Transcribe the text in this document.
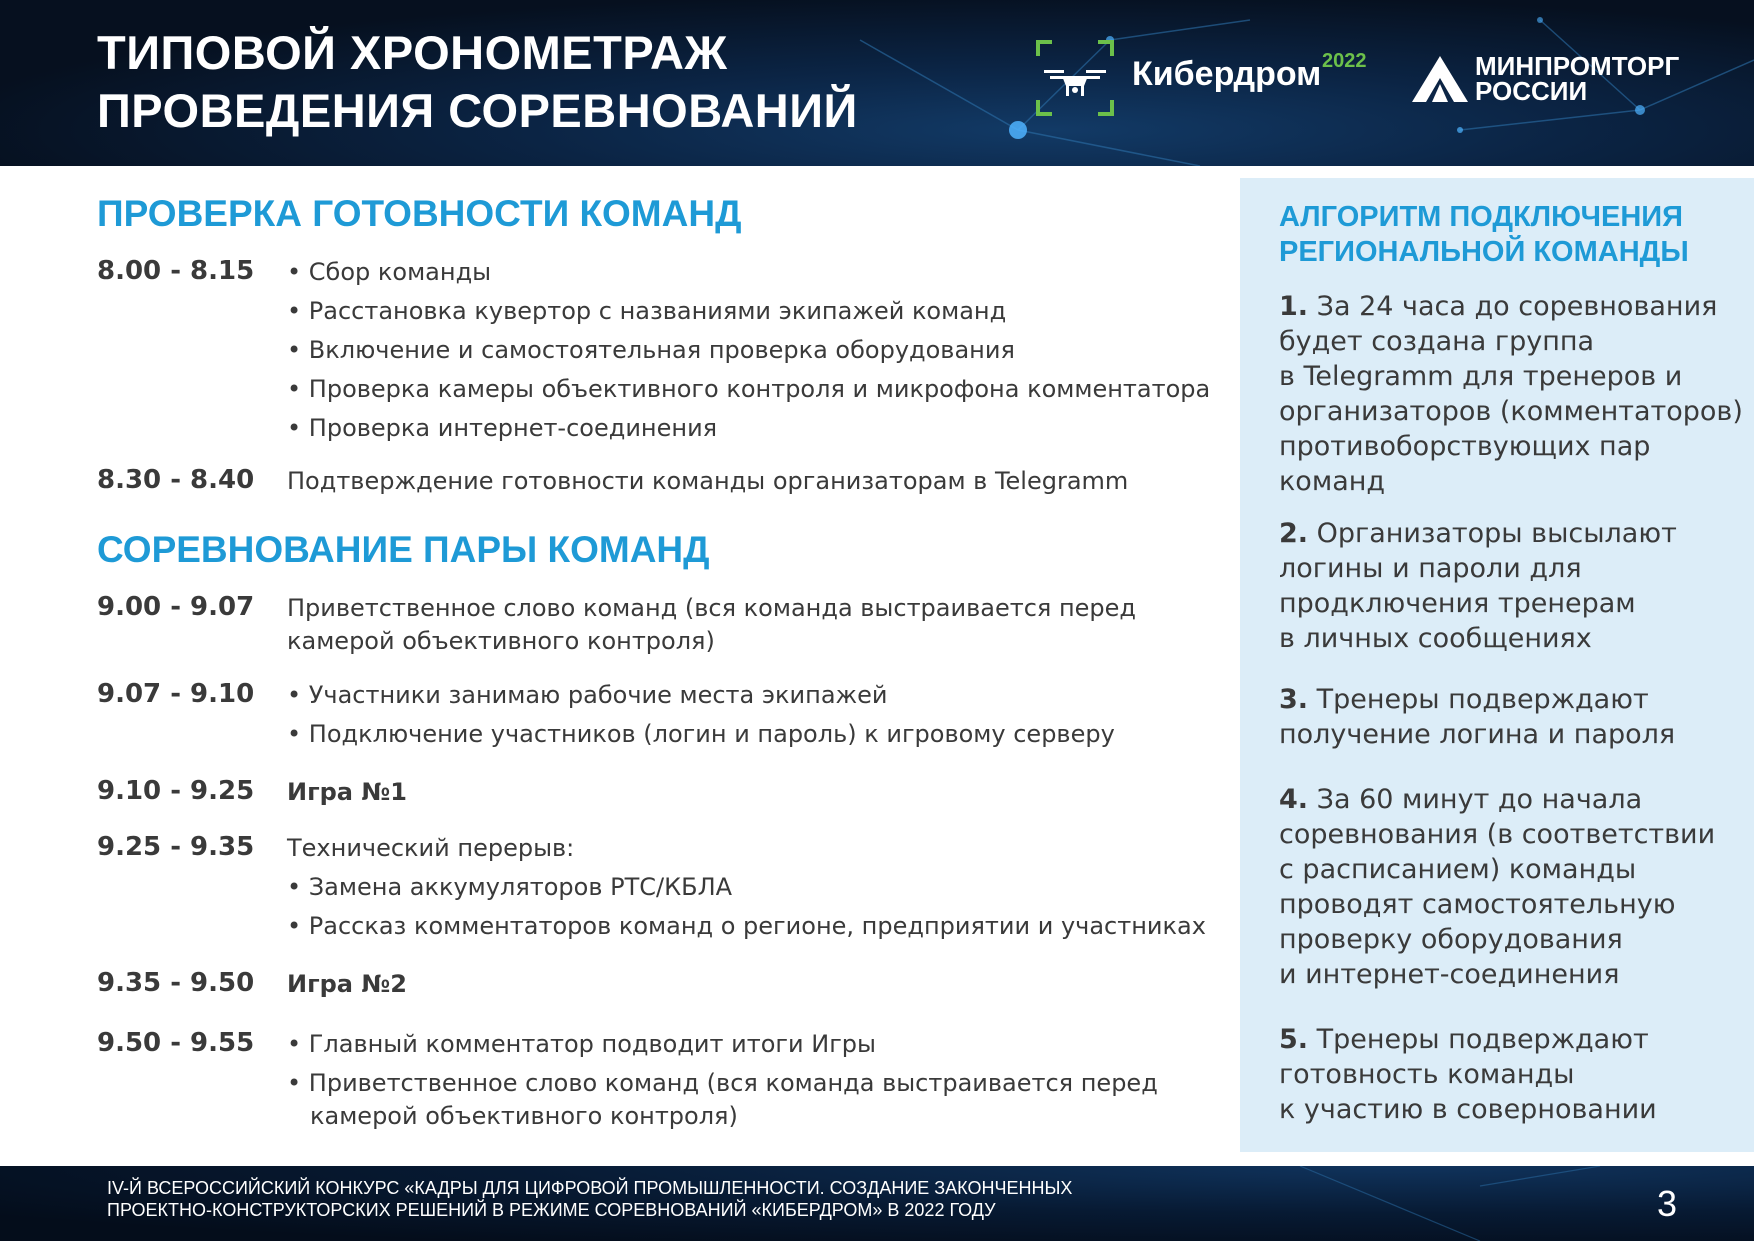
ТИПОВОЙ ХРОНОМЕТРАЖ
ПРОВЕДЕНИЯ СОРЕВНОВАНИЙ
Кибердром 2022	МИНПРОМТОРГ
РОССИИ
ПРОВЕРКА ГОТОВНОСТИ КОМАНД
8.00 - 8.15 • Сбор команды
• Расстановка кувертор с названиями экипажей команд
• Включение и самостоятельная проверка оборудования
• Проверка камеры объективного контроля и микрофона комментатора
• Проверка интернет-соединения
8.30 - 8.40 Подтверждение готовности команды организаторам в Telegramm
СОРЕВНОВАНИЕ ПАРЫ КОМАНД
9.00 - 9.07 Приветственное слово команд (вся команда выстраивается перед
камерой объективного контроля)
9.07 - 9.10 • Участники занимаю рабочие места экипажей
• Подключение участников (логин и пароль) к игровому серверу
9.10 - 9.25 Игра №1
9.25 - 9.35 Технический перерыв:
• Замена аккумуляторов РТС/КБЛА
• Рассказ комментаторов команд о регионе, предприятии и участниках
9.35 - 9.50 Игра №2
9.50 - 9.55 • Главный комментатор подводит итоги Игры
• Приветственное слово команд (вся команда выстраивается перед
камерой объективного контроля)
АЛГОРИТМ ПОДКЛЮЧЕНИЯ
РЕГИОНАЛЬНОЙ КОМАНДЫ
1. За 24 часа до соревнования
будет создана группа
в Telegramm для тренеров и
организаторов (комментаторов)
противоборствующих пар
команд
2. Организаторы высылают
логины и пароли для
продключения тренерам
в личных сообщениях
3. Тренеры подверждают
получение логина и пароля
4. За 60 минут до начала
соревнования (в соответствии
с расписанием) команды
проводят самостоятельную
проверку оборудования
и интернет-соединения
5. Тренеры подверждают
готовность команды
к участию в соверновании
IV-Й ВСЕРОССИЙСКИЙ КОНКУРС «КАДРЫ ДЛЯ ЦИФРОВОЙ ПРОМЫШЛЕННОСТИ. СОЗДАНИЕ ЗАКОНЧЕННЫХ
ПРОЕКТНО-КОНСТРУКТОРСКИХ РЕШЕНИЙ В РЕЖИМЕ СОРЕВНОВАНИЙ «КИБЕРДРОМ» В 2022 ГОДУ	3
